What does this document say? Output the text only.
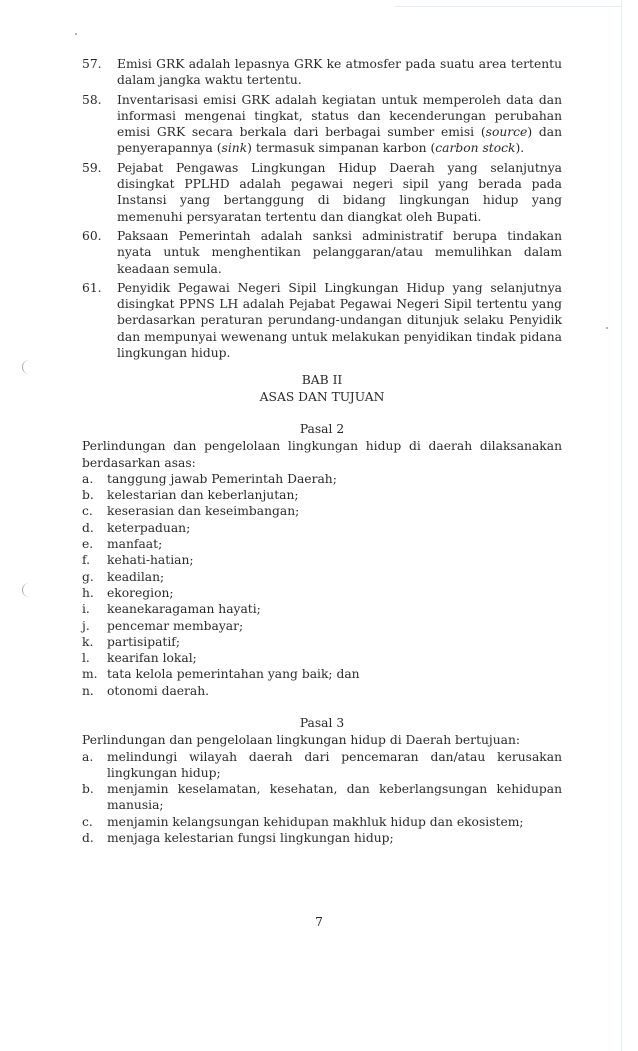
57. Emisi GRK adalah lepasnya GRK ke atmosfer pada suatu area tertentu dalam jangka waktu tertentu.
58. Inventarisasi emisi GRK adalah kegiatan untuk memperoleh data dan informasi mengenai tingkat, status dan kecenderungan perubahan emisi GRK secara berkala dari berbagai sumber emisi (source) dan penyerapannya (sink) termasuk simpanan karbon (carbon stock).
59. Pejabat Pengawas Lingkungan Hidup Daerah yang selanjutnya disingkat PPLHD adalah pegawai negeri sipil yang berada pada Instansi yang bertanggung di bidang lingkungan hidup yang memenuhi persyaratan tertentu dan diangkat oleh Bupati.
60. Paksaan Pemerintah adalah sanksi administratif berupa tindakan nyata untuk menghentikan pelanggaran/atau memulihkan dalam keadaan semula.
61. Penyidik Pegawai Negeri Sipil Lingkungan Hidup yang selanjutnya disingkat PPNS LH adalah Pejabat Pegawai Negeri Sipil tertentu yang berdasarkan peraturan perundang-undangan ditunjuk selaku Penyidik dan mempunyai wewenang untuk melakukan penyidikan tindak pidana lingkungan hidup.
BAB II
ASAS DAN TUJUAN
Pasal 2
Perlindungan dan pengelolaan lingkungan hidup di daerah dilaksanakan berdasarkan asas:
a. tanggung jawab Pemerintah Daerah;
b. kelestarian dan keberlanjutan;
c. keserasian dan keseimbangan;
d. keterpaduan;
e. manfaat;
f. kehati-hatian;
g. keadilan;
h. ekoregion;
i. keanekaragaman hayati;
j. pencemar membayar;
k. partisipatif;
l. kearifan lokal;
m. tata kelola pemerintahan yang baik; dan
n. otonomi daerah.
Pasal 3
Perlindungan dan pengelolaan lingkungan hidup di Daerah bertujuan:
a. melindungi wilayah daerah dari pencemaran dan/atau kerusakan lingkungan hidup;
b. menjamin keselamatan, kesehatan, dan keberlangsungan kehidupan manusia;
c. menjamin kelangsungan kehidupan makhluk hidup dan ekosistem;
d. menjaga kelestarian fungsi lingkungan hidup;
7
